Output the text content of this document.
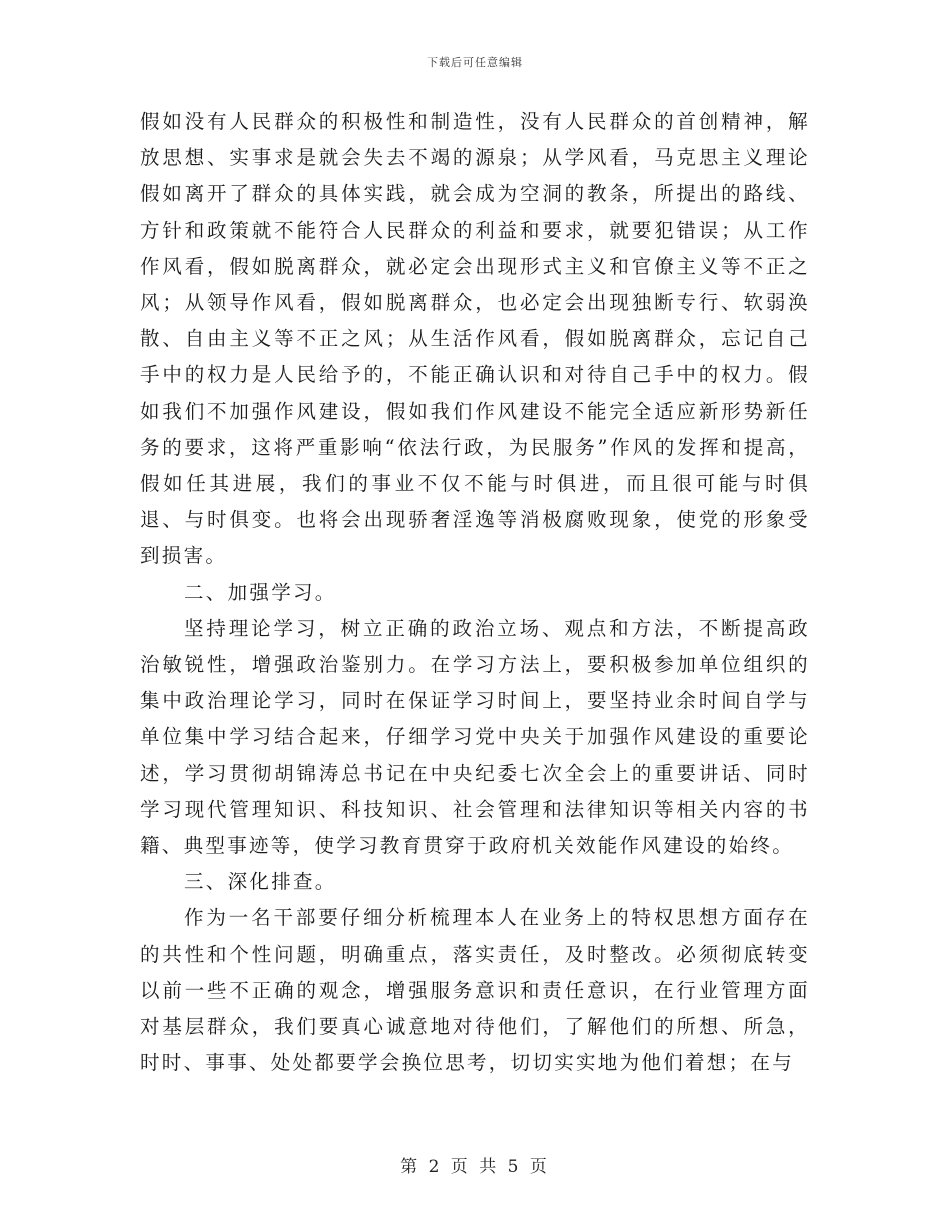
下载后可任意编辑

假如没有人民群众的积极性和制造性，没有人民群众的首创精神，解放思想、实事求是就会失去不竭的源泉；从学风看，马克思主义理论假如离开了群众的具体实践，就会成为空洞的教条，所提出的路线、方针和政策就不能符合人民群众的利益和要求，就要犯错误；从工作作风看，假如脱离群众，就必定会出现形式主义和官僚主义等不正之风；从领导作风看，假如脱离群众，也必定会出现独断专行、软弱涣散、自由主义等不正之风；从生活作风看，假如脱离群众，忘记自己手中的权力是人民给予的，不能正确认识和对待自己手中的权力。假如我们不加强作风建设，假如我们作风建设不能完全适应新形势新任务的要求，这将严重影响“依法行政，为民服务”作风的发挥和提高，假如任其进展，我们的事业不仅不能与时俱进，而且很可能与时俱退、与时俱变。也将会出现骄奢淫逸等消极腐败现象，使党的形象受到损害。

二、加强学习。

坚持理论学习，树立正确的政治立场、观点和方法，不断提高政治敏锐性，增强政治鉴别力。在学习方法上，要积极参加单位组织的集中政治理论学习，同时在保证学习时间上，要坚持业余时间自学与单位集中学习结合起来，仔细学习党中央关于加强作风建设的重要论述，学习贯彻胡锦涛总书记在中央纪委七次全会上的重要讲话、同时学习现代管理知识、科技知识、社会管理和法律知识等相关内容的书籍、典型事迹等，使学习教育贯穿于政府机关效能作风建设的始终。

三、深化排查。

作为一名干部要仔细分析梳理本人在业务上的特权思想方面存在的共性和个性问题，明确重点，落实责任，及时整改。必须彻底转变以前一些不正确的观念，增强服务意识和责任意识，在行业管理方面对基层群众，我们要真心诚意地对待他们，了解他们的所想、所急，时时、事事、处处都要学会换位思考，切切实实地为他们着想；在与

第 2 页 共 5 页
